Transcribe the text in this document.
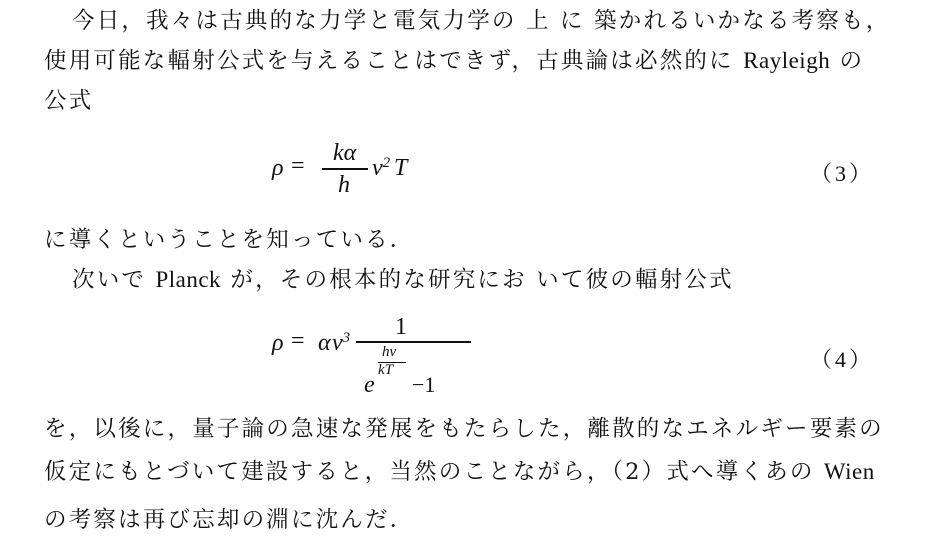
今日，我々は古典的な力学と電気力学の 上 に 築かれるいかなる考察も，
使用可能な輻射公式を与えることはできず，古典論は必然的に Rayleigh の
公式
ρ = kα
h
$\nu^2$ T	（3）
に導くということを知っている．
次いで Planck が，その根本的な研究にお いて彼の輻射公式
ρ = α $\nu^3$ 1
e
hν
kT
−1
（4）
を，以後に，量子論の急速な発展をもたらした，離散的なエネルギー要素の
仮定にもとづいて建設すると，当然のことながら，（2）式へ導くあの Wien
の考察は再び忘却の淵に沈んだ．
